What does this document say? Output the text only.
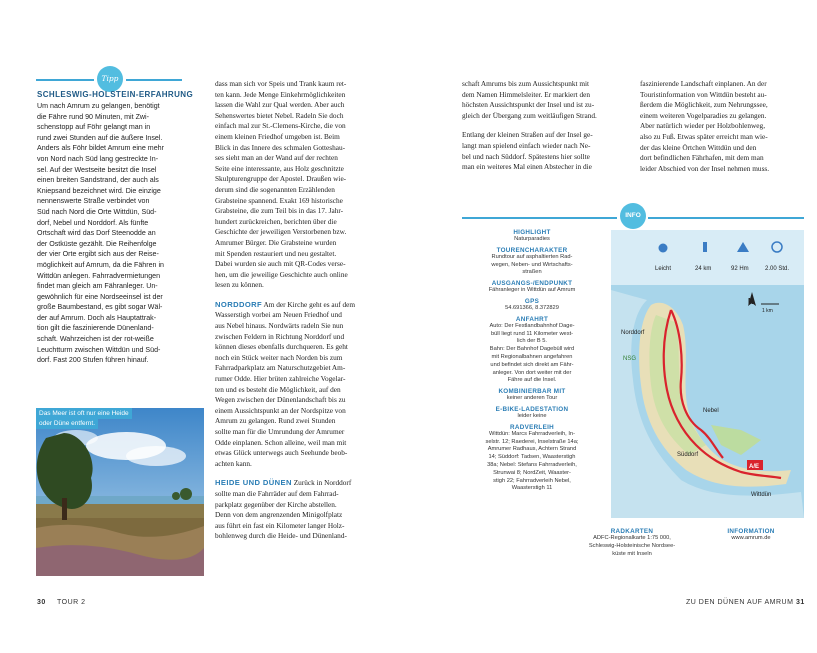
Tipp
SCHLESWIG-HOLSTEIN-ERFAHRUNG
Um nach Amrum zu gelangen, benötigt
die Fähre rund 90 Minuten, mit Zwi-
schenstopp auf Föhr gelangt man in
rund zwei Stunden auf die äußere Insel.
Anders als Föhr bildet Amrum eine mehr
von Nord nach Süd lang gestreckte In-
sel. Auf der Westseite besitzt die Insel
einen breiten Sandstrand, der auch als
Kniepsand bezeichnet wird. Die einzige
nennenswerte Straße verbindet von
Süd nach Nord die Orte Wittdün, Süd-
dorf, Nebel und Norddorf. Als fünfte
Ortschaft wird das Dorf Steenodde an
der Ostküste gezählt. Die Reihenfolge
der vier Orte ergibt sich aus der Reise-
möglichkeit auf Amrum, da die Fähren in
Wittdün anlegen. Fahrradvermietungen
findet man gleich am Fähranleger. Un-
gewöhnlich für eine Nordseeinsel ist der
große Baumbestand, es gibt sogar Wäl-
der auf Amrum. Doch als Hauptattrak-
tion gilt die faszinierende Dünenland-
schaft. Wahrzeichen ist der rot-weiße
Leuchtturm zwischen Wittdün und Süd-
dorf. Fast 200 Stufen führen hinauf.
Das Meer ist oft nur eine Heide
oder Düne entfernt.
dass man sich vor Speis und Trank kaum ret-
ten kann. Jede Menge Einkehrmöglichkeiten
lassen die Wahl zur Qual werden. Aber auch
Sehenswertes bietet Nebel. Radeln Sie doch
einfach mal zur St.-Clemens-Kirche, die von
einem kleinen Friedhof umgeben ist. Beim
Blick in das Innere des schmalen Gotteshau-
ses sieht man an der Wand auf der rechten
Seite eine interessante, aus Holz geschnitzte
Skulpturengruppe der Apostel. Draußen wie-
derum sind die sogenannten Erzählenden
Grabsteine spannend. Exakt 169 historische
Grabsteine, die zum Teil bis in das 17. Jahr-
hundert zurückreichen, berichten über die
Geschichte der jeweiligen Verstorbenen bzw.
Amrumer Bürger. Die Grabsteine wurden
mit Spenden restauriert und neu gestaltet.
Dabei wurden sie auch mit QR-Codes verse-
hen, um die jeweilige Geschichte auch online
lesen zu können.
NORDDORF Am der Kirche geht es auf dem
Wasserstigh vorbei am Neuen Friedhof und
aus Nebel hinaus. Nordwärts radeln Sie nun
zwischen Feldern in Richtung Norddorf und
können dieses ebenfalls durchqueren. Es geht
noch ein Stück weiter nach Norden bis zum
Fahrradparkplatz am Naturschutzgebiet Am-
rumer Odde. Hier brüten zahlreiche Vogelar-
ten und es besteht die Möglichkeit, auf den
Wegen zwischen der Dünenlandschaft bis zu
einem Aussichtspunkt an der Nordspitze von
Amrum zu gelangen. Rund zwei Stunden
sollte man für die Umrundung der Amrumer
Odde einplanen. Schon alleine, weil man mit
etwas Glück unterwegs auch Seehunde beob-
achten kann.
HEIDE UND DÜNEN Zurück in Norddorf
sollte man die Fahrräder auf dem Fahrrad-
parkplatz gegenüber der Kirche abstellen.
Denn von dem angrenzenden Minigolfplatz
aus führt ein fast ein Kilometer langer Holz-
bohlenweg durch die Heide- und Dünenland-
schaft Amrums bis zum Aussichtspunkt mit
dem Namen Himmelsleiter. Er markiert den
höchsten Aussichtspunkt der Insel und ist zu-
gleich der Übergang zum weitläufigen Strand.
Entlang der kleinen Straßen auf der Insel ge-
langt man spielend einfach wieder nach Ne-
bel und nach Süddorf. Spätestens hier sollte
man ein weiteres Mal einen Abstecher in die
faszinierende Landschaft einplanen. An der
Touristinformation von Wittdün besteht au-
ßerdem die Möglichkeit, zum Nehrungssee,
einem weiteren Vogelparadies zu gelangen.
Aber natürlich wieder per Holzbohlenweg,
also zu Fuß. Etwas später erreicht man wie-
der das kleine Örtchen Wittdün und den
dort befindlichen Fährhafen, mit dem man
leider Abschied von der Insel nehmen muss.
INFO
HIGHLIGHT
Naturparadies
TOURENCHARAKTER
Rundtour auf asphaltierten Rad-
wegen, Neben- und Wirtschafts-
straßen
AUSGANGS-/ENDPUNKT
Fähranleger in Wittdün auf Amrum
GPS
54.691366, 8.372829
ANFAHRT
Auto: Der Festlandbahnhof Dage-
büll liegt rund 11 Kilometer west-
lich der B 5.
Bahn: Der Bahnhof Dagebüll wird
mit Regionalbahnen angefahren
und befindet sich direkt am Fähr-
anleger. Von dort weiter mit der
Fähre auf die Insel.
KOMBINIERBAR MIT
keiner anderen Tour
E-BIKE-LADESTATION
leider keine
RADVERLEIH
Wittdün: Marcs Fahrradverleih, In-
selstr. 12; Raederei, Inselstraße 14a;
Amrumer Radhaus, Achtern Strand
14; Süddorf: Tadsen, Waasterstigh
38a; Nebel: Stefans Fahrradverleih,
Strunwai 8; NordZeit, Waaster-
stigh 22; Fahrradverleih Nebel,
Waasterstigh 11
Leicht	24 km	92 Hm	2.00 Std.
N
Norddorf
NSG
Nebel
Süddorf
A/E
Wittdün
1 km
RADKARTEN
ADFC-Regionalkarte 1:75 000,
Schleswig-Holsteinische Nordsee-
küste mit Inseln
INFORMATION
www.amrum.de
30 TOUR 2	ZU DEN DÜNEN AUF AMRUM 31
